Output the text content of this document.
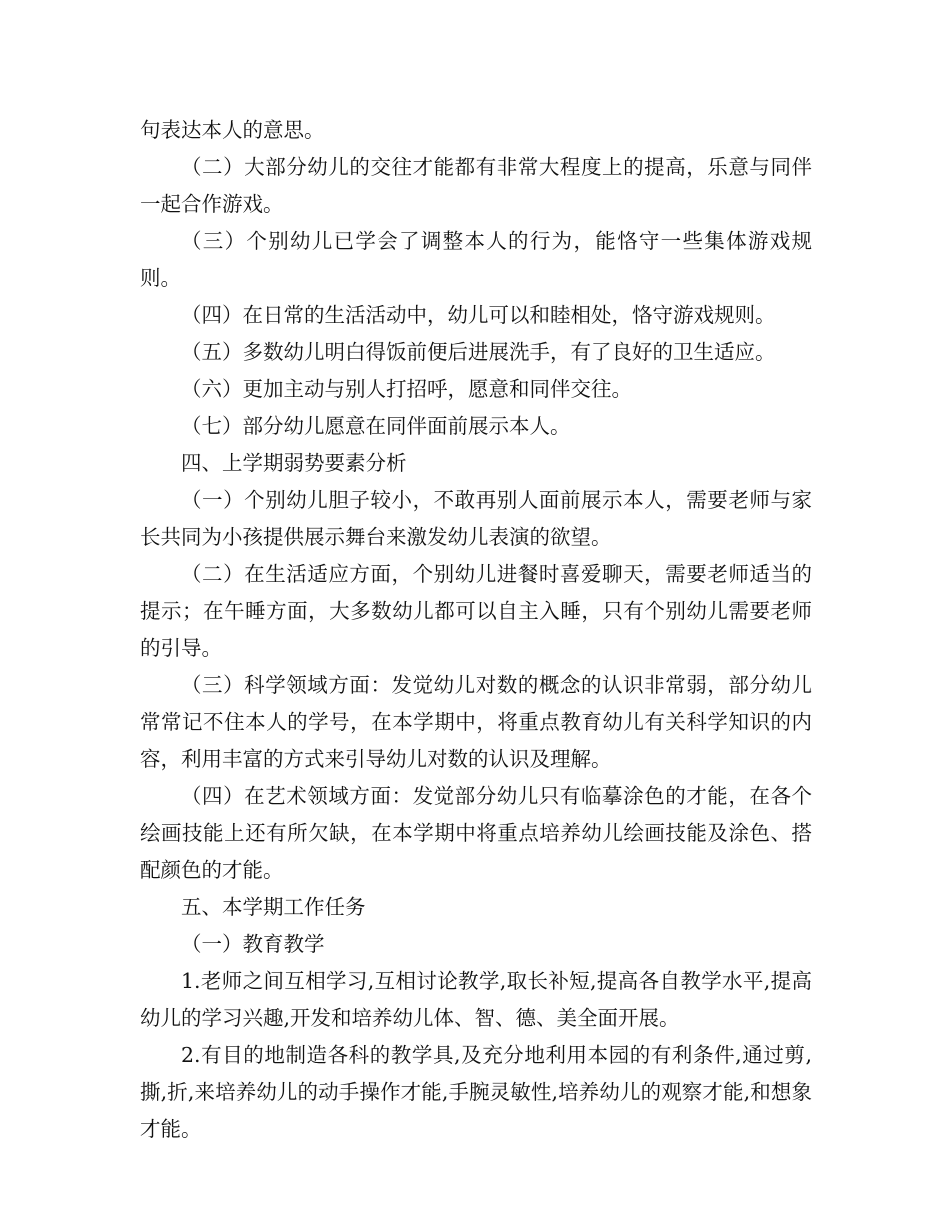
句表达本人的意思。

（二）大部分幼儿的交往才能都有非常大程度上的提高，乐意与同伴一起合作游戏。

（三）个别幼儿已学会了调整本人的行为，能恪守一些集体游戏规则。

（四）在日常的生活活动中，幼儿可以和睦相处，恪守游戏规则。

（五）多数幼儿明白得饭前便后进展洗手，有了良好的卫生适应。

（六）更加主动与别人打招呼，愿意和同伴交往。

（七）部分幼儿愿意在同伴面前展示本人。

四、上学期弱势要素分析

（一）个别幼儿胆子较小，不敢再别人面前展示本人，需要老师与家长共同为小孩提供展示舞台来激发幼儿表演的欲望。

（二）在生活适应方面，个别幼儿进餐时喜爱聊天，需要老师适当的提示；在午睡方面，大多数幼儿都可以自主入睡，只有个别幼儿需要老师的引导。

（三）科学领域方面：发觉幼儿对数的概念的认识非常弱，部分幼儿常常记不住本人的学号，在本学期中，将重点教育幼儿有关科学知识的内容，利用丰富的方式来引导幼儿对数的认识及理解。

（四）在艺术领域方面：发觉部分幼儿只有临摹涂色的才能，在各个绘画技能上还有所欠缺，在本学期中将重点培养幼儿绘画技能及涂色、搭配颜色的才能。

五、本学期工作任务

（一）教育教学

1.老师之间互相学习,互相讨论教学,取长补短,提高各自教学水平,提高幼儿的学习兴趣,开发和培养幼儿体、智、德、美全面开展。

2.有目的地制造各科的教学具,及充分地利用本园的有利条件,通过剪,撕,折,来培养幼儿的动手操作才能,手腕灵敏性,培养幼儿的观察才能,和想象才能。
